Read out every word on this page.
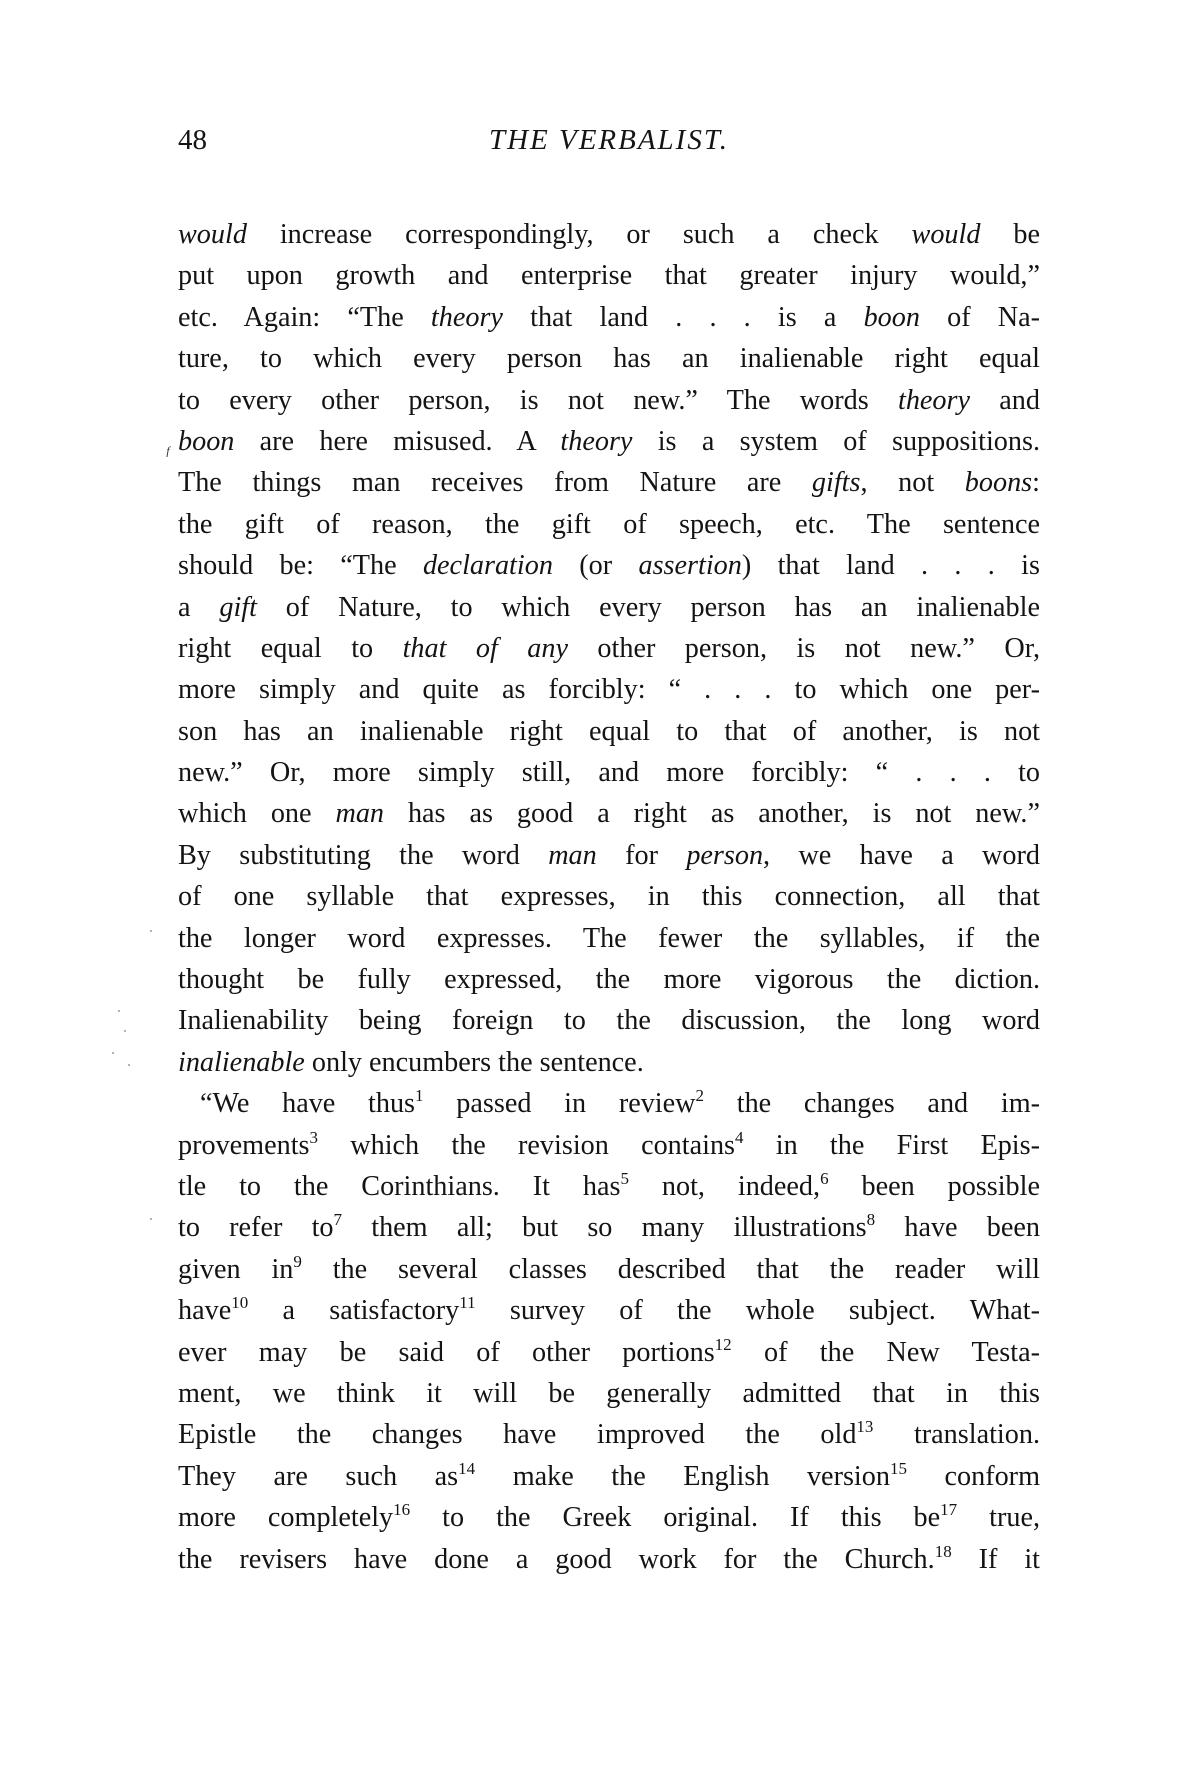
48	THE VERBALIST.
ᶠ
would increase correspondingly, or such a check would be
put upon growth and enterprise that greater injury would,”
etc. Again: “The theory that land . . . is a boon of Na-
ture, to which every person has an inalienable right equal
to every other person, is not new.” The words theory and
boon are here misused. A theory is a system of suppositions.
The things man receives from Nature are gifts, not boons:
the gift of reason, the gift of speech, etc. The sentence
should be: “The declaration (or assertion) that land . . . is
a gift of Nature, to which every person has an inalienable
right equal to that of any other person, is not new.” Or,
more simply and quite as forcibly: “ . . . to which one per-
son has an inalienable right equal to that of another, is not
new.” Or, more simply still, and more forcibly: “ . . . to
which one man has as good a right as another, is not new.”
By substituting the word man for person, we have a word
of one syllable that expresses, in this connection, all that
the longer word expresses. The fewer the syllables, if the
thought be fully expressed, the more vigorous the diction.
Inalienability being foreign to the discussion, the long word
inalienable only encumbers the sentence.
“We have thus$^1$ passed in review$^2$ the changes and im-
provements$^3$ which the revision contains$^4$ in the First Epis-
tle to the Corinthians. It has$^5$ not, indeed,$^6$ been possible
to refer $to^7$ them all; but so many illustrations$^8$ have been
given $in^9$ the several classes described that the reader will
have$^{10}$ a satisfactory$^{11}$ survey of the whole subject. What-
ever may be said of other portions$^{12}$ of the New Testa-
ment, we think it will be generally admitted that in this
Epistle the changes have improved the old$^{13}$ translation.
They are such $as^{14}$ make the English version$^{15}$ conform
more completely$^{16}$ to the Greek original. If this $be^{17}$ true,
the revisers have done a good work for the Church.$^{18}$ If it
